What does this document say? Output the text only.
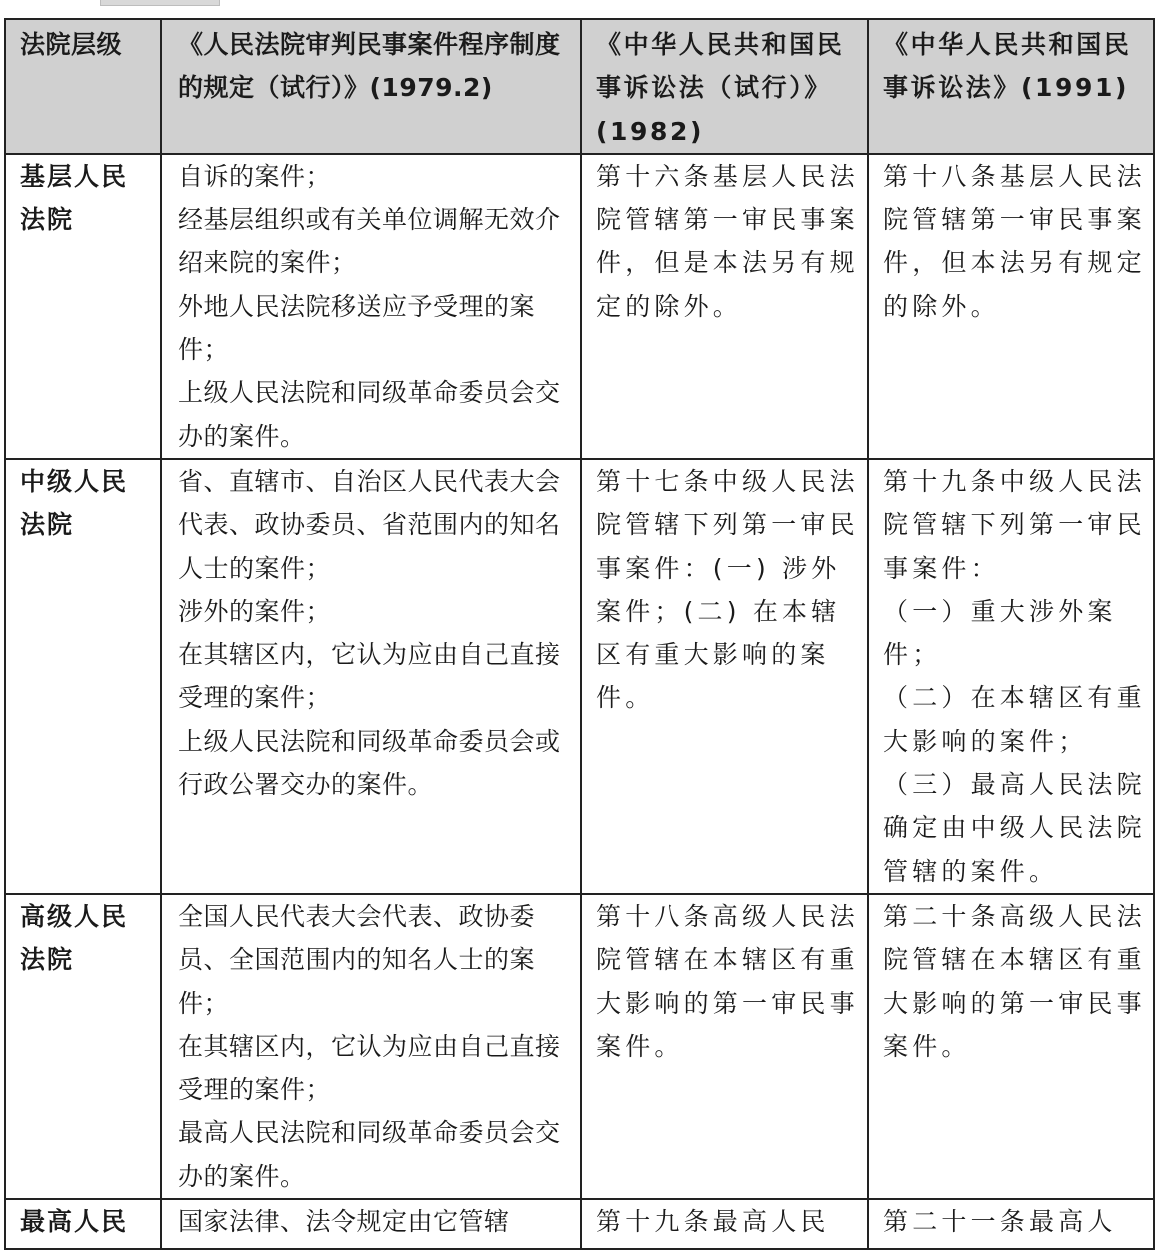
法院层级	《人民法院审判民事案件程序制度的规定（试行）》(1979.2)	《中华人民共和国民事诉讼法（试行）》(1982)	《中华人民共和国民事诉讼法》(1991)

基层人民法院	自诉的案件；
经基层组织或有关单位调解无效介绍来院的案件；
外地人民法院移送应予受理的案件；
上级人民法院和同级革命委员会交办的案件。	第十六条基层人民法院管辖第一审民事案件，但是本法另有规定的除外。	第十八条基层人民法院管辖第一审民事案件，但本法另有规定的除外。

中级人民法院	省、直辖市、自治区人民代表大会代表、政协委员、省范围内的知名人士的案件；
涉外的案件；
在其辖区内，它认为应由自己直接受理的案件；
上级人民法院和同级革命委员会或行政公署交办的案件。	第十七条中级人民法院管辖下列第一审民事案件：(一) 涉外案件；(二) 在本辖区有重大影响的案件。	第十九条中级人民法院管辖下列第一审民事案件：
（一）重大涉外案件；
（二）在本辖区有重大影响的案件；
（三）最高人民法院确定由中级人民法院管辖的案件。

高级人民法院	全国人民代表大会代表、政协委员、全国范围内的知名人士的案件；
在其辖区内，它认为应由自己直接受理的案件；
最高人民法院和同级革命委员会交办的案件。	第十八条高级人民法院管辖在本辖区有重大影响的第一审民事案件。	第二十条高级人民法院管辖在本辖区有重大影响的第一审民事案件。

最高人民	国家法律、法令规定由它管辖	第十九条最高人民	第二十一条最高人
